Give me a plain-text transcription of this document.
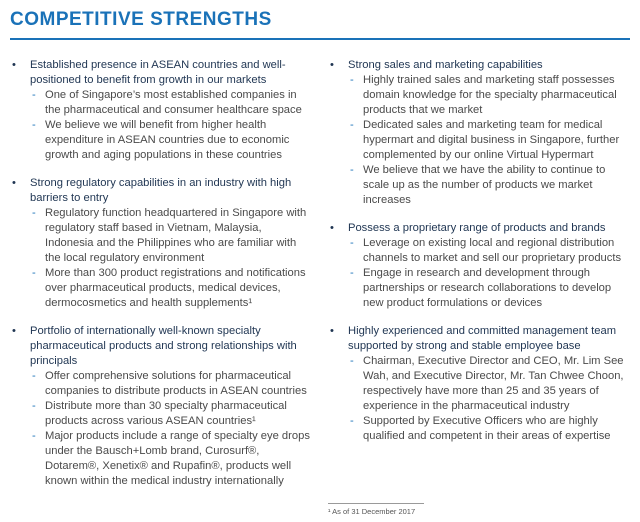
COMPETITIVE STRENGTHS
• Established presence in ASEAN countries and well-positioned to benefit from growth in our markets
- One of Singapore’s most established companies in the pharmaceutical and consumer healthcare space
- We believe we will benefit from higher health expenditure in ASEAN countries due to economic growth and aging populations in these countries
• Strong regulatory capabilities in an industry with high barriers to entry
- Regulatory function headquartered in Singapore with regulatory staff based in Vietnam, Malaysia, Indonesia and the Philippines who are familiar with the local regulatory environment
- More than 300 product registrations and notifications over pharmaceutical products, medical devices, dermocosmetics and health supplements¹
• Portfolio of internationally well-known specialty pharmaceutical products and strong relationships with principals
- Offer comprehensive solutions for pharmaceutical companies to distribute products in ASEAN countries
- Distribute more than 30 specialty pharmaceutical products across various ASEAN countries¹
- Major products include a range of specialty eye drops under the Bausch+Lomb brand, Curosurf®, Dotarem®, Xenetix® and Rupafin®, products well known within the medical industry internationally
• Strong sales and marketing capabilities
- Highly trained sales and marketing staff possesses domain knowledge for the specialty pharmaceutical products that we market
- Dedicated sales and marketing team for medical hypermart and digital business in Singapore, further complemented by our online Virtual Hypermart
- We believe that we have the ability to continue to scale up as the number of products we market increases
• Possess a proprietary range of products and brands
- Leverage on existing local and regional distribution channels to market and sell our proprietary products
- Engage in research and development through partnerships or research collaborations to develop new product formulations or devices
• Highly experienced and committed management team supported by strong and stable employee base
- Chairman, Executive Director and CEO, Mr. Lim See Wah, and Executive Director, Mr. Tan Chwee Choon, respectively have more than 25 and 35 years of experience in the pharmaceutical industry
- Supported by Executive Officers who are highly qualified and competent in their areas of expertise
¹ As of 31 December 2017
